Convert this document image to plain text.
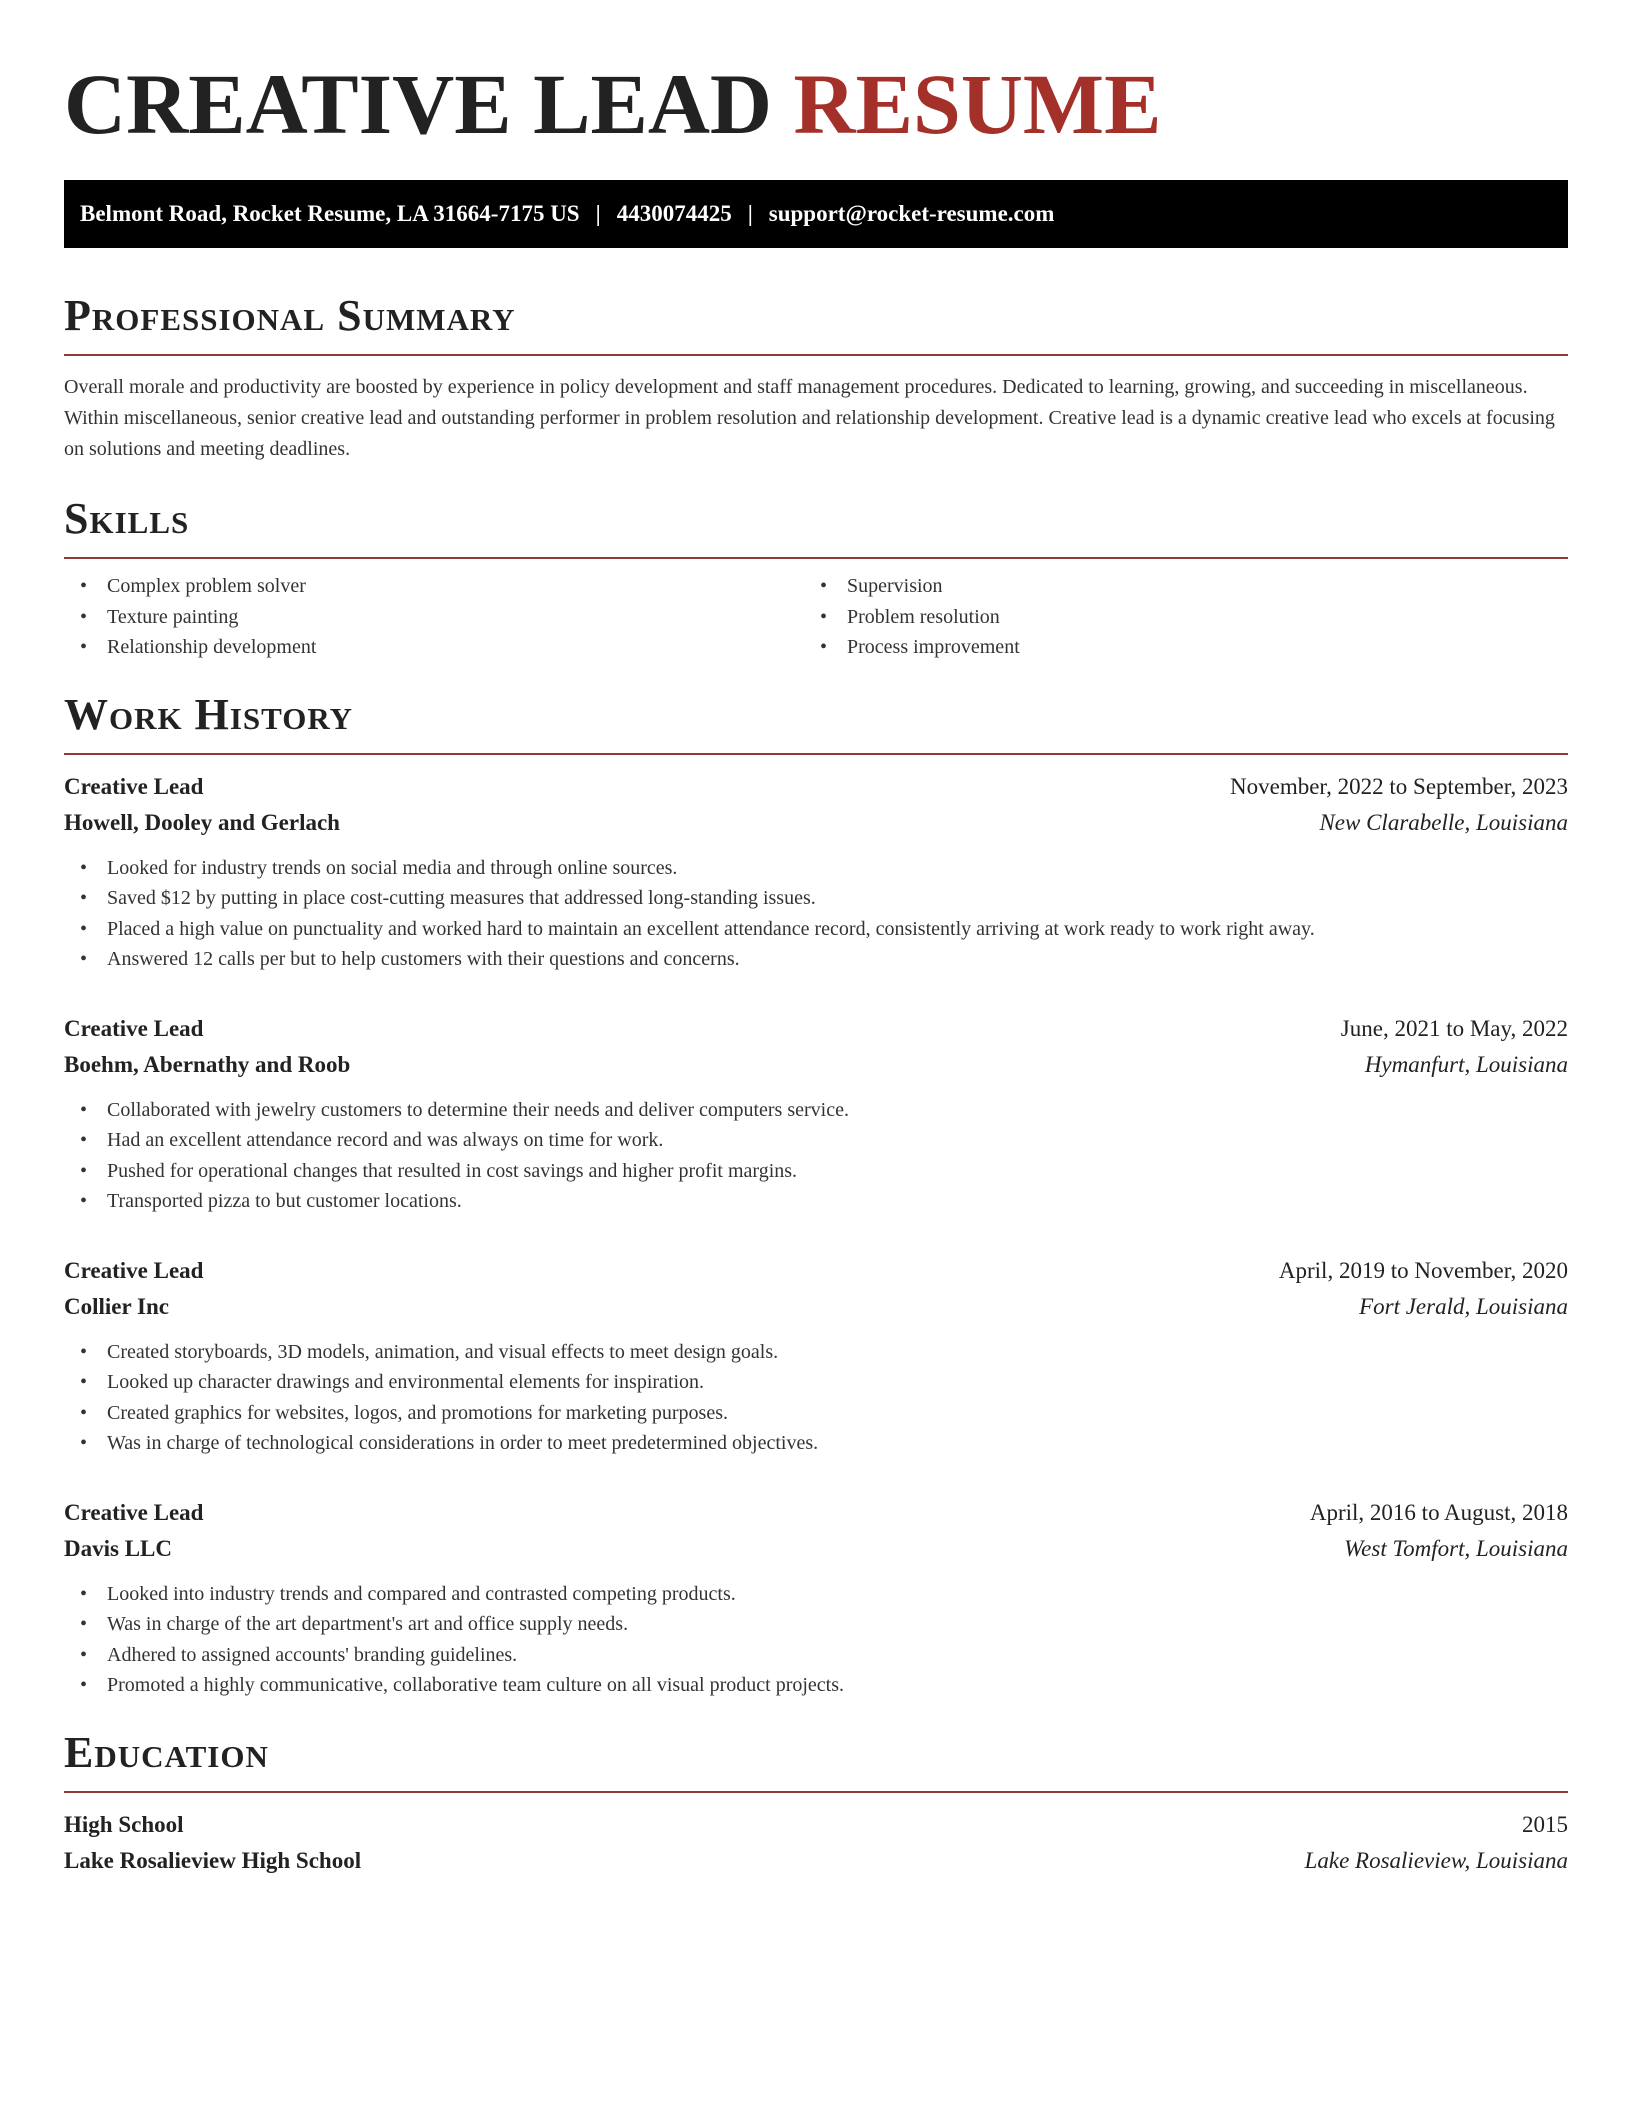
CREATIVE LEAD RESUME
Belmont Road, Rocket Resume, LA 31664-7175 US | 4430074425 | support@rocket-resume.com
Professional Summary

Overall morale and productivity are boosted by experience in policy development and staff management procedures. Dedicated to learning, growing, and succeeding in miscellaneous. Within miscellaneous, senior creative lead and outstanding performer in problem resolution and relationship development. Creative lead is a dynamic creative lead who excels at focusing on solutions and meeting deadlines.

Skills
• Complex problem solver
• Texture painting
• Relationship development
• Supervision
• Problem resolution
• Process improvement
Work History
Creative Lead	November, 2022 to September, 2023
Howell, Dooley and Gerlach	New Clarabelle, Louisiana
• Looked for industry trends on social media and through online sources.
• Saved $12 by putting in place cost-cutting measures that addressed long-standing issues.
• Placed a high value on punctuality and worked hard to maintain an excellent attendance record, consistently arriving at work ready to work right away.
• Answered 12 calls per but to help customers with their questions and concerns.
Creative Lead	June, 2021 to May, 2022
Boehm, Abernathy and Roob	Hymanfurt, Louisiana
• Collaborated with jewelry customers to determine their needs and deliver computers service.
• Had an excellent attendance record and was always on time for work.
• Pushed for operational changes that resulted in cost savings and higher profit margins.
• Transported pizza to but customer locations.
Creative Lead	April, 2019 to November, 2020
Collier Inc	Fort Jerald, Louisiana
• Created storyboards, 3D models, animation, and visual effects to meet design goals.
• Looked up character drawings and environmental elements for inspiration.
• Created graphics for websites, logos, and promotions for marketing purposes.
• Was in charge of technological considerations in order to meet predetermined objectives.
Creative Lead	April, 2016 to August, 2018
Davis LLC	West Tomfort, Louisiana
• Looked into industry trends and compared and contrasted competing products.
• Was in charge of the art department's art and office supply needs.
• Adhered to assigned accounts' branding guidelines.
• Promoted a highly communicative, collaborative team culture on all visual product projects.
Education
High School	2015
Lake Rosalieview High School	Lake Rosalieview, Louisiana
